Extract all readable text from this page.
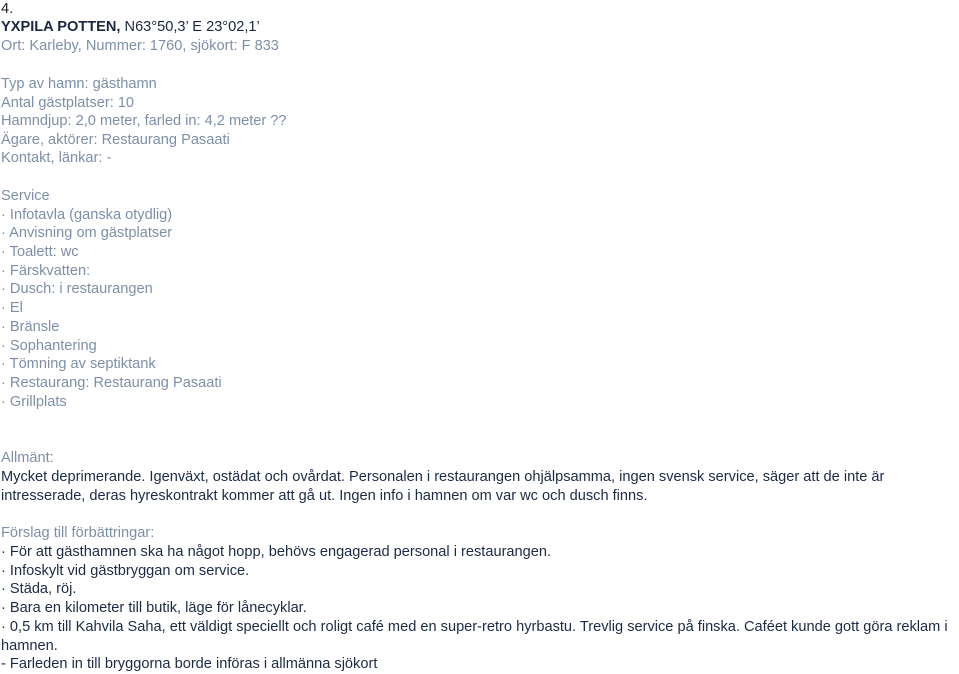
4.
YXPILA POTTEN, N63°50,3’ E 23°02,1’
Ort: Karleby, Nummer: 1760, sjökort: F 833
Typ av hamn: gästhamn
Antal gästplatser: 10
Hamndjup: 2,0 meter, farled in: 4,2 meter ??
Ägare, aktörer: Restaurang Pasaati
Kontakt, länkar: -
Service
· Infotavla (ganska otydlig)
· Anvisning om gästplatser
· Toalett: wc
· Färskvatten:
· Dusch: i restaurangen
· El
· Bränsle
· Sophantering
· Tömning av septiktank
· Restaurang: Restaurang Pasaati
· Grillplats
Allmänt:
Mycket deprimerande. Igenväxt, ostädat och ovårdat. Personalen i restaurangen ohjälpsamma, ingen svensk service, säger att de inte är intresserade, deras hyreskontrakt kommer att gå ut. Ingen info i hamnen om var wc och dusch finns.
Förslag till förbättringar:
· För att gästhamnen ska ha något hopp, behövs engagerad personal i restaurangen.
· Infoskylt vid gästbryggan om service.
· Städa, röj.
· Bara en kilometer till butik, läge för lånecyklar.
· 0,5 km till Kahvila Saha, ett väldigt speciellt och roligt café med en super-retro hyrbastu. Trevlig service på finska. Caféet kunde gott göra reklam i hamnen.
- Farleden in till bryggorna borde införas i allmänna sjökort
